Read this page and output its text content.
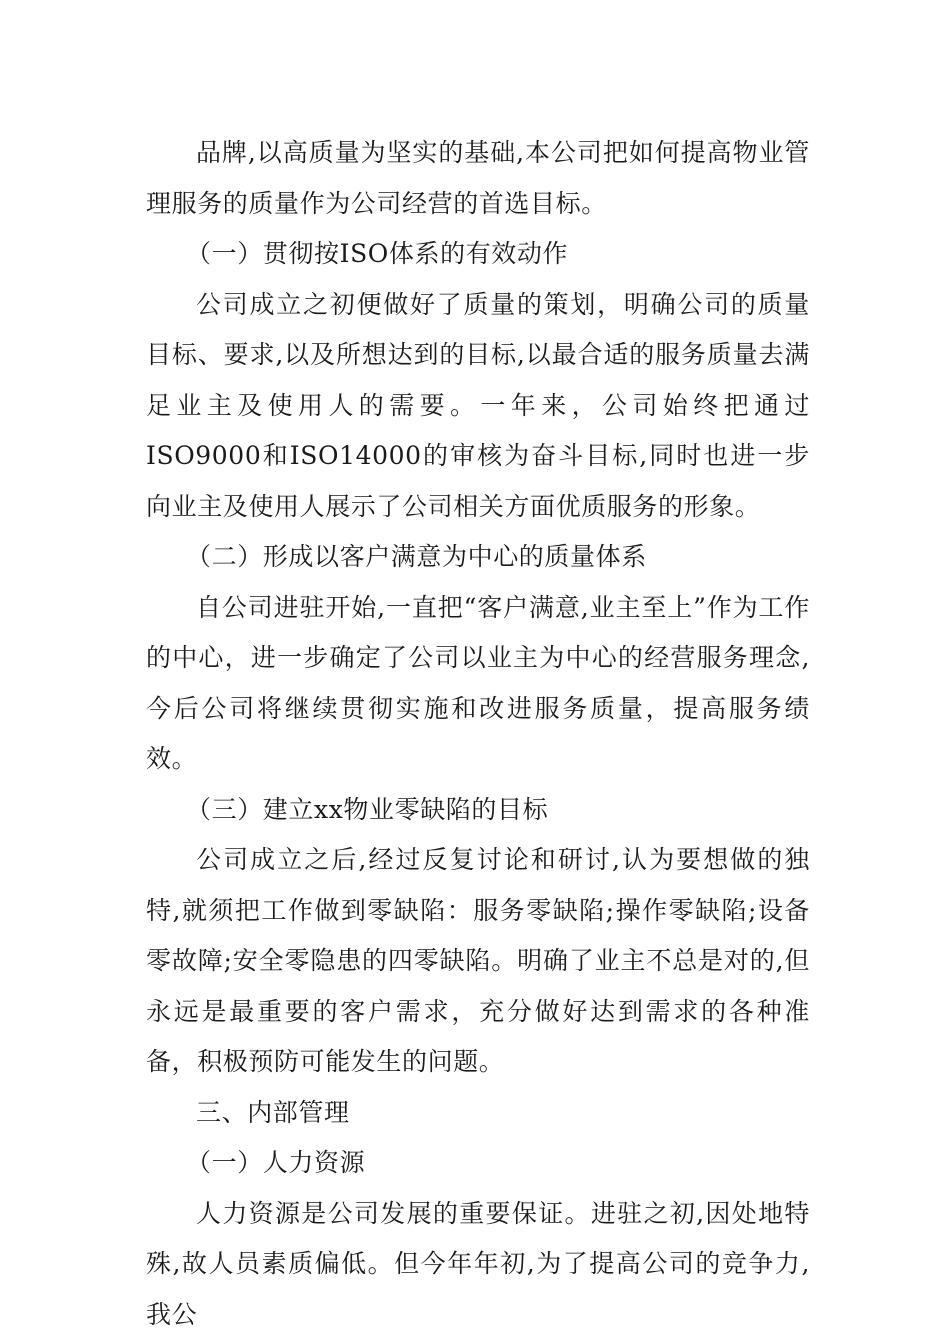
品牌,以高质量为坚实的基础,本公司把如何提高物业管理服务的质量作为公司经营的首选目标。

（一）贯彻按ISO体系的有效动作

公司成立之初便做好了质量的策划，明确公司的质量目标、要求,以及所想达到的目标,以最合适的服务质量去满足业主及使用人的需要。一年来，公司始终把通过ISO9000和ISO14000的审核为奋斗目标,同时也进一步向业主及使用人展示了公司相关方面优质服务的形象。

（二）形成以客户满意为中心的质量体系

自公司进驻开始,一直把“客户满意,业主至上”作为工作的中心，进一步确定了公司以业主为中心的经营服务理念,今后公司将继续贯彻实施和改进服务质量，提高服务绩效。

（三）建立xx物业零缺陷的目标

公司成立之后,经过反复讨论和研讨,认为要想做的独特,就须把工作做到零缺陷：服务零缺陷;操作零缺陷;设备零故障;安全零隐患的四零缺陷。明确了业主不总是对的,但永远是最重要的客户需求，充分做好达到需求的各种准备，积极预防可能发生的问题。

三、内部管理

（一）人力资源

人力资源是公司发展的重要保证。进驻之初,因处地特殊,故人员素质偏低。但今年年初,为了提高公司的竞争力,我公
